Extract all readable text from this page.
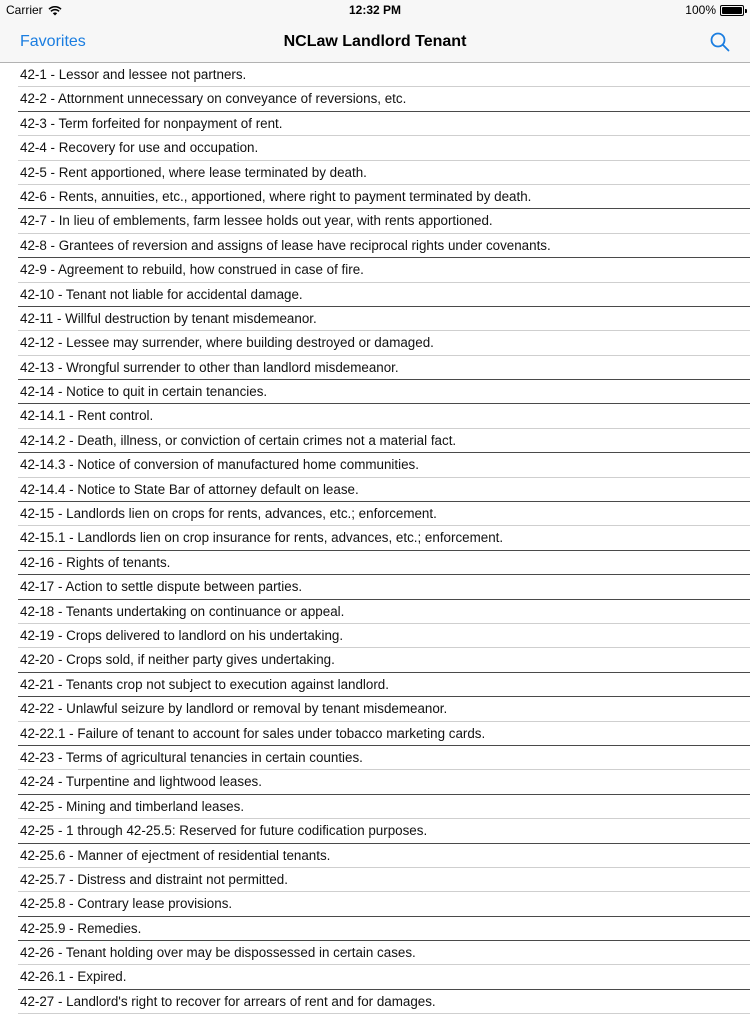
Carrier	12:32 PM	100%
Favorites	NCLaw Landlord Tenant
42-1 - Lessor and lessee not partners.
42-2 - Attornment unnecessary on conveyance of reversions, etc.
42-3 - Term forfeited for nonpayment of rent.
42-4 - Recovery for use and occupation.
42-5 - Rent apportioned, where lease terminated by death.
42-6 - Rents, annuities, etc., apportioned, where right to payment terminated by death.
42-7 - In lieu of emblements, farm lessee holds out year, with rents apportioned.
42-8 - Grantees of reversion and assigns of lease have reciprocal rights under covenants.
42-9 - Agreement to rebuild, how construed in case of fire.
42-10 - Tenant not liable for accidental damage.
42-11 - Willful destruction by tenant misdemeanor.
42-12 - Lessee may surrender, where building destroyed or damaged.
42-13 - Wrongful surrender to other than landlord misdemeanor.
42-14 - Notice to quit in certain tenancies.
42-14.1 - Rent control.
42-14.2 - Death, illness, or conviction of certain crimes not a material fact.
42-14.3 - Notice of conversion of manufactured home communities.
42-14.4 - Notice to State Bar of attorney default on lease.
42-15 - Landlords lien on crops for rents, advances, etc.; enforcement.
42-15.1 - Landlords lien on crop insurance for rents, advances, etc.; enforcement.
42-16 - Rights of tenants.
42-17 - Action to settle dispute between parties.
42-18 - Tenants undertaking on continuance or appeal.
42-19 - Crops delivered to landlord on his undertaking.
42-20 - Crops sold, if neither party gives undertaking.
42-21 - Tenants crop not subject to execution against landlord.
42-22 - Unlawful seizure by landlord or removal by tenant misdemeanor.
42-22.1 - Failure of tenant to account for sales under tobacco marketing cards.
42-23 - Terms of agricultural tenancies in certain counties.
42-24 - Turpentine and lightwood leases.
42-25 - Mining and timberland leases.
42-25 - 1 through 42-25.5: Reserved for future codification purposes.
42-25.6 - Manner of ejectment of residential tenants.
42-25.7 - Distress and distraint not permitted.
42-25.8 - Contrary lease provisions.
42-25.9 - Remedies.
42-26 - Tenant holding over may be dispossessed in certain cases.
42-26.1 - Expired.
42-27 - Landlord's right to recover for arrears of rent and for damages.
